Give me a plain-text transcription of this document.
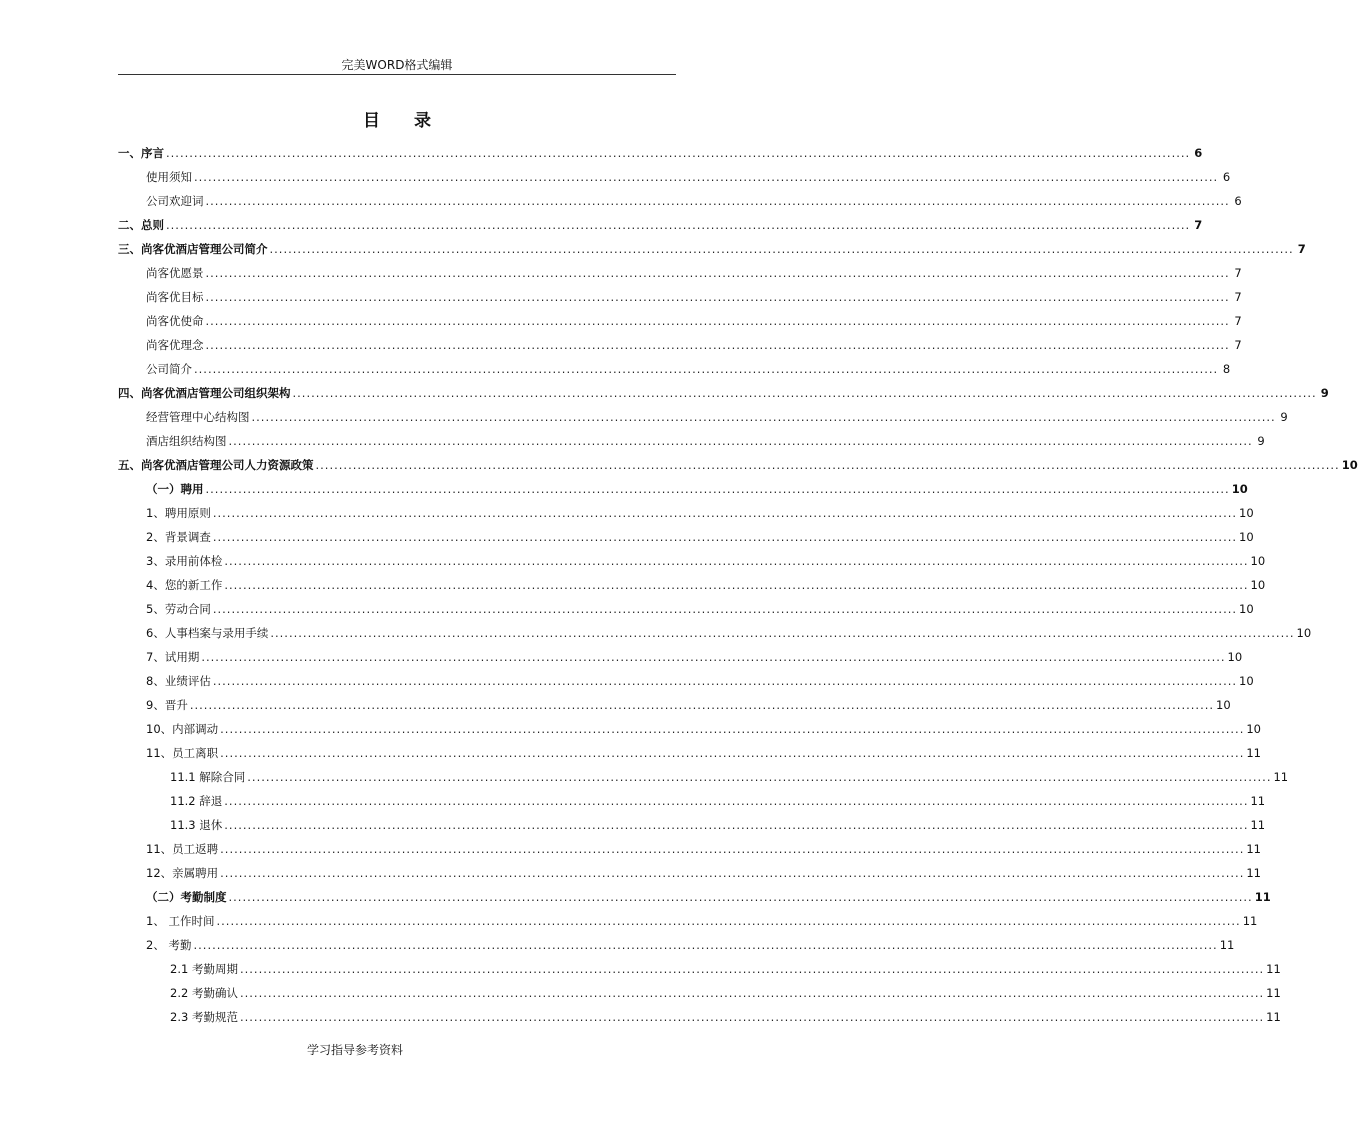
完美WORD格式编辑
目 录
一、序言 ............................................................................................................................................................................................................................ 6
使用须知 ............................................................................................................................................................................................................................ 6
公司欢迎词 ............................................................................................................................................................................................................................ 6
二、总则 ............................................................................................................................................................................................................................ 7
三、尚客优酒店管理公司简介 ............................................................................................................................................................................................................................ 7
尚客优愿景 ............................................................................................................................................................................................................................ 7
尚客优目标 ............................................................................................................................................................................................................................ 7
尚客优使命 ............................................................................................................................................................................................................................ 7
尚客优理念 ............................................................................................................................................................................................................................ 7
公司简介 ............................................................................................................................................................................................................................ 8
四、尚客优酒店管理公司组织架构 ............................................................................................................................................................................................................................ 9
经营管理中心结构图 ............................................................................................................................................................................................................................ 9
酒店组织结构图 ............................................................................................................................................................................................................................ 9
五、尚客优酒店管理公司人力资源政策 ............................................................................................................................................................................................................................ 10
（一）聘用 ............................................................................................................................................................................................................................ 10
1、聘用原则 ............................................................................................................................................................................................................................ 10
2、背景调查 ............................................................................................................................................................................................................................ 10
3、录用前体检 ............................................................................................................................................................................................................................ 10
4、您的新工作 ............................................................................................................................................................................................................................ 10
5、劳动合同 ............................................................................................................................................................................................................................ 10
6、人事档案与录用手续 ............................................................................................................................................................................................................................ 10
7、试用期 ............................................................................................................................................................................................................................ 10
8、业绩评估 ............................................................................................................................................................................................................................ 10
9、晋升 ............................................................................................................................................................................................................................ 10
10、内部调动 ............................................................................................................................................................................................................................ 10
11、员工离职 ............................................................................................................................................................................................................................ 11
11.1 解除合同 ............................................................................................................................................................................................................................ 11
11.2 辞退 ............................................................................................................................................................................................................................ 11
11.3 退休 ............................................................................................................................................................................................................................ 11
11、员工返聘 ............................................................................................................................................................................................................................ 11
12、亲属聘用 ............................................................................................................................................................................................................................ 11
（二）考勤制度 ............................................................................................................................................................................................................................ 11
1、 工作时间 ............................................................................................................................................................................................................................ 11
2、 考勤 ............................................................................................................................................................................................................................ 11
2.1 考勤周期 ............................................................................................................................................................................................................................ 11
2.2 考勤确认 ............................................................................................................................................................................................................................ 11
2.3 考勤规范 ............................................................................................................................................................................................................................ 11
学习指导参考资料
